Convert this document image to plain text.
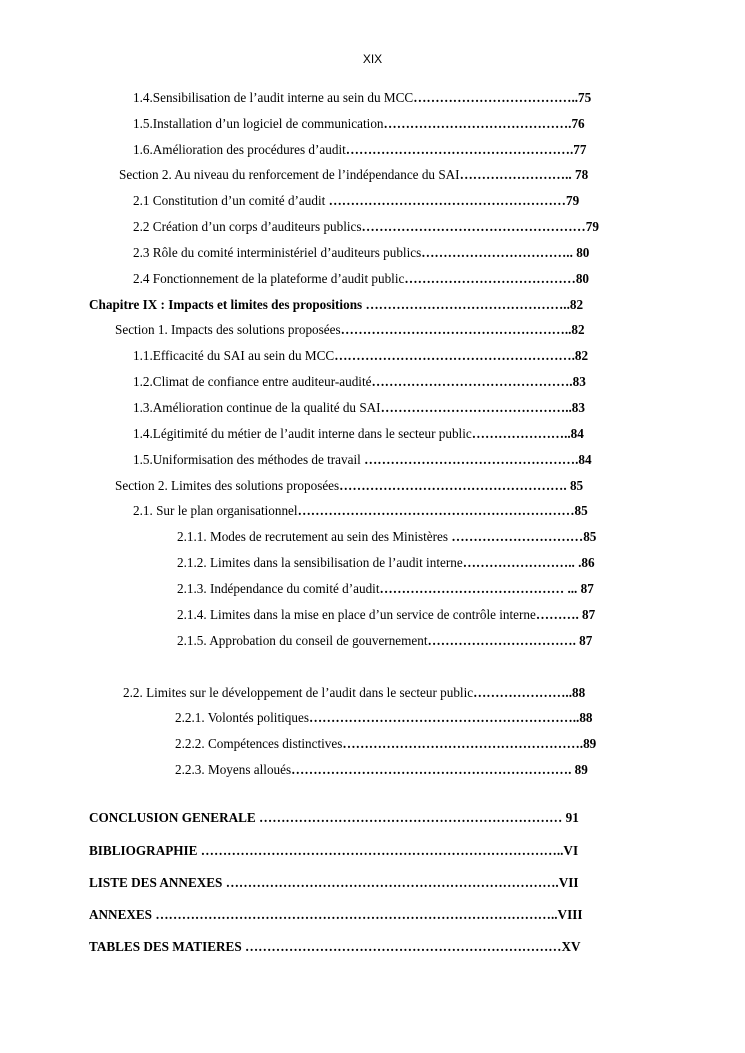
XIX
1.4.Sensibilisation de l’audit interne au sein du MCC………………………………..75
1.5.Installation d’un logiciel de communication…………………………………….76
1.6.Amélioration des procédures d’audit…………………………………………….77
Section 2. Au niveau du renforcement de l’indépendance du SAI…………………….. 78
2.1 Constitution d’un comité d’audit ………………………………………………79
2.2 Création d’un corps d’auditeurs publics……………………………………………79
2.3 Rôle du comité interministériel d’auditeurs publics…………………………….. 80
2.4 Fonctionnement de la plateforme d’audit public…………………………………80
Chapitre IX : Impacts et limites des propositions ………………………………………..82
Section 1. Impacts des solutions proposées……………………………………………..82
1.1.Efficacité du SAI au sein du MCC……………………………………………….82
1.2.Climat de confiance entre auditeur-audité……………………………………….83
1.3.Amélioration continue de la qualité du SAI……………………………………..83
1.4.Légitimité du métier de l’audit interne dans le secteur public…………………..84
1.5.Uniformisation des méthodes de travail ………………………………………….84
Section 2. Limites des solutions proposées……………………………………………. 85
2.1. Sur le plan organisationnel………………………………………………………85
2.1.1. Modes de recrutement au sein des Ministères …………………………85
2.1.2. Limites dans la sensibilisation de l’audit interne…………………….. .86
2.1.3. Indépendance du comité d’audit…………………………………… ... 87
2.1.4. Limites dans la mise en place d’un service de contrôle interne………. 87
2.1.5. Approbation du conseil de gouvernement……………………………. 87
2.2. Limites sur le développement de l’audit dans le secteur public…………………..88
2.2.1. Volontés politiques……………………………………………………..88
2.2.2. Compétences distinctives……………………………………………….89
2.2.3. Moyens alloués………………………………………………………. 89
CONCLUSION GENERALE …………………………………………………………… 91
BIBLIOGRAPHIE ………………………………………………………………………..VI
LISTE DES ANNEXES ………………………………………………………………….VII
ANNEXES ………………………………………………………………………………..VIII
TABLES DES MATIERES ………………………………………………………………XV
